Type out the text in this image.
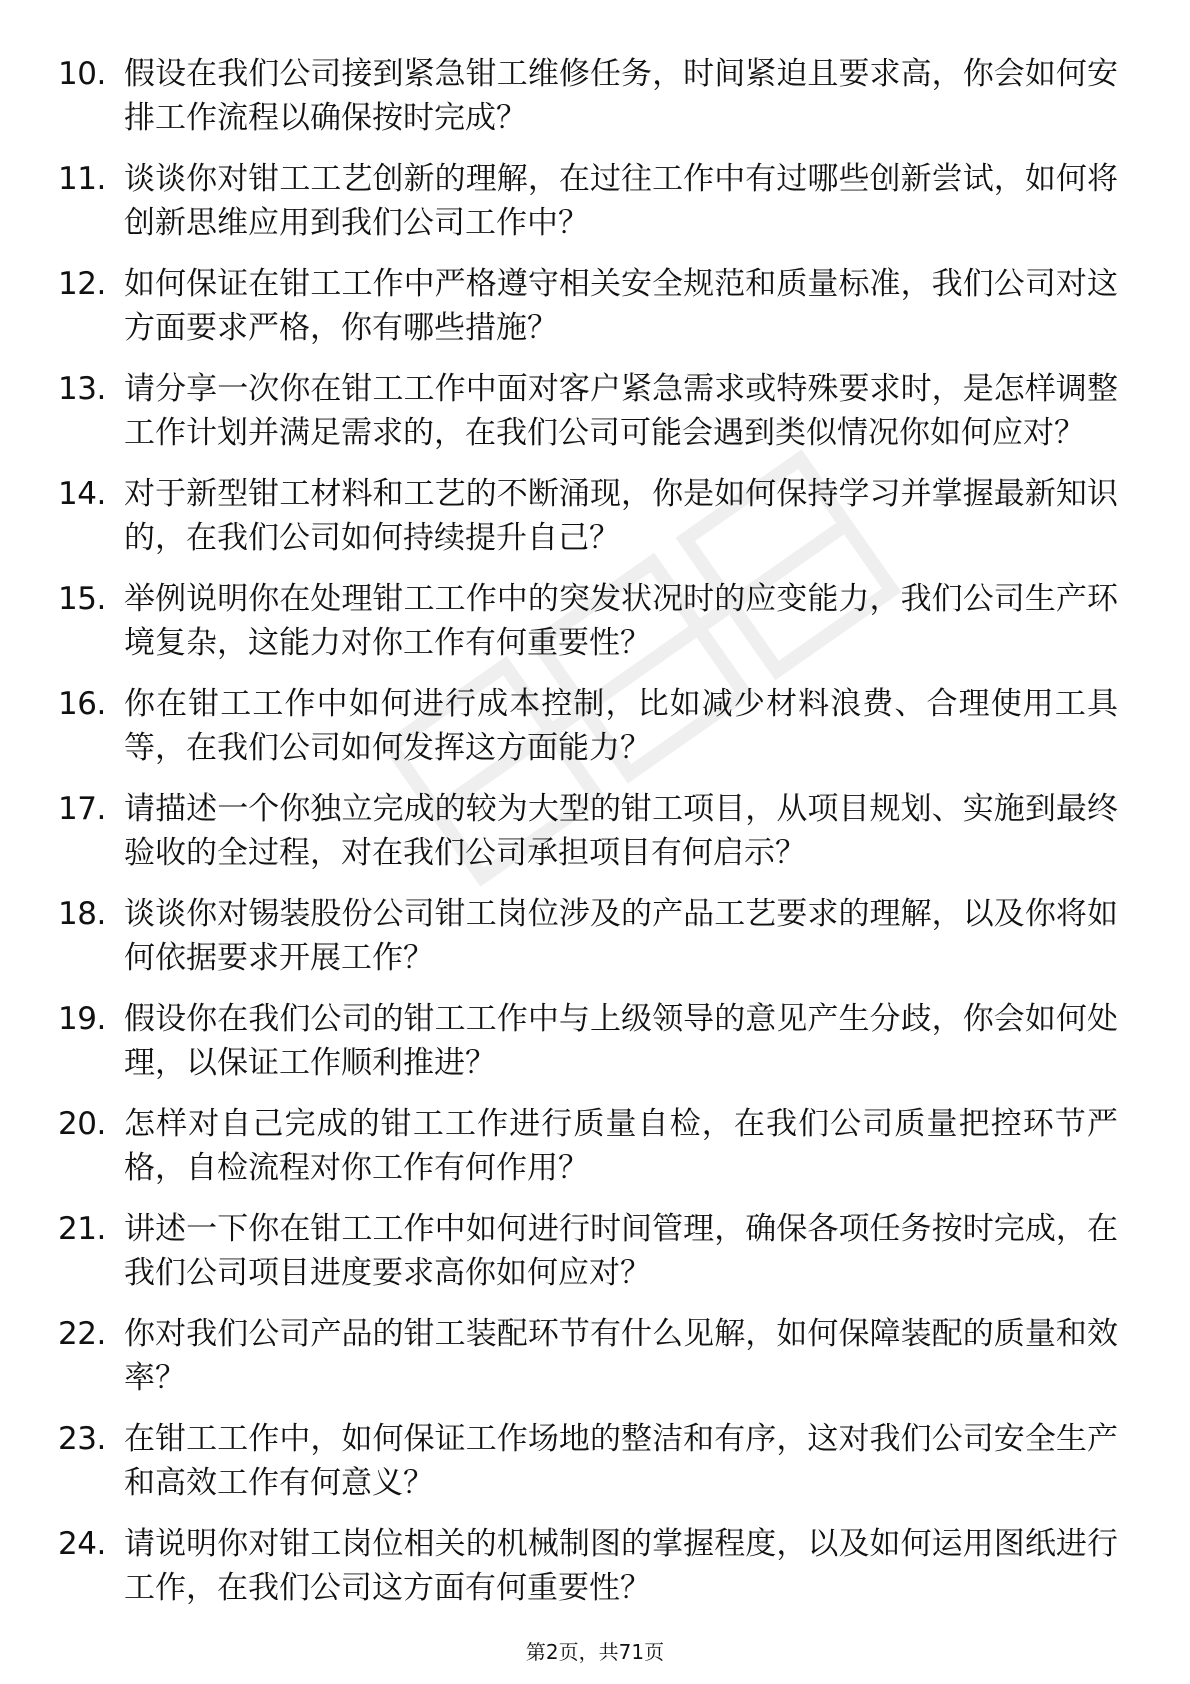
10. 假设在我们公司接到紧急钳工维修任务，时间紧迫且要求高，你会如何安排工作流程以确保按时完成？
11. 谈谈你对钳工工艺创新的理解，在过往工作中有过哪些创新尝试，如何将创新思维应用到我们公司工作中？
12. 如何保证在钳工工作中严格遵守相关安全规范和质量标准，我们公司对这方面要求严格，你有哪些措施？
13. 请分享一次你在钳工工作中面对客户紧急需求或特殊要求时，是怎样调整工作计划并满足需求的，在我们公司可能会遇到类似情况你如何应对？
14. 对于新型钳工材料和工艺的不断涌现，你是如何保持学习并掌握最新知识的，在我们公司如何持续提升自己？
15. 举例说明你在处理钳工工作中的突发状况时的应变能力，我们公司生产环境复杂，这能力对你工作有何重要性？
16. 你在钳工工作中如何进行成本控制，比如减少材料浪费、合理使用工具等，在我们公司如何发挥这方面能力？
17. 请描述一个你独立完成的较为大型的钳工项目，从项目规划、实施到最终验收的全过程，对在我们公司承担项目有何启示？
18. 谈谈你对锡装股份公司钳工岗位涉及的产品工艺要求的理解，以及你将如何依据要求开展工作？
19. 假设你在我们公司的钳工工作中与上级领导的意见产生分歧，你会如何处理，以保证工作顺利推进？
20. 怎样对自己完成的钳工工作进行质量自检，在我们公司质量把控环节严格，自检流程对你工作有何作用？
21. 讲述一下你在钳工工作中如何进行时间管理，确保各项任务按时完成，在我们公司项目进度要求高你如何应对？
22. 你对我们公司产品的钳工装配环节有什么见解，如何保障装配的质量和效率？
23. 在钳工工作中，如何保证工作场地的整洁和有序，这对我们公司安全生产和高效工作有何意义？
24. 请说明你对钳工岗位相关的机械制图的掌握程度，以及如何运用图纸进行工作，在我们公司这方面有何重要性？
第2页，共71页
